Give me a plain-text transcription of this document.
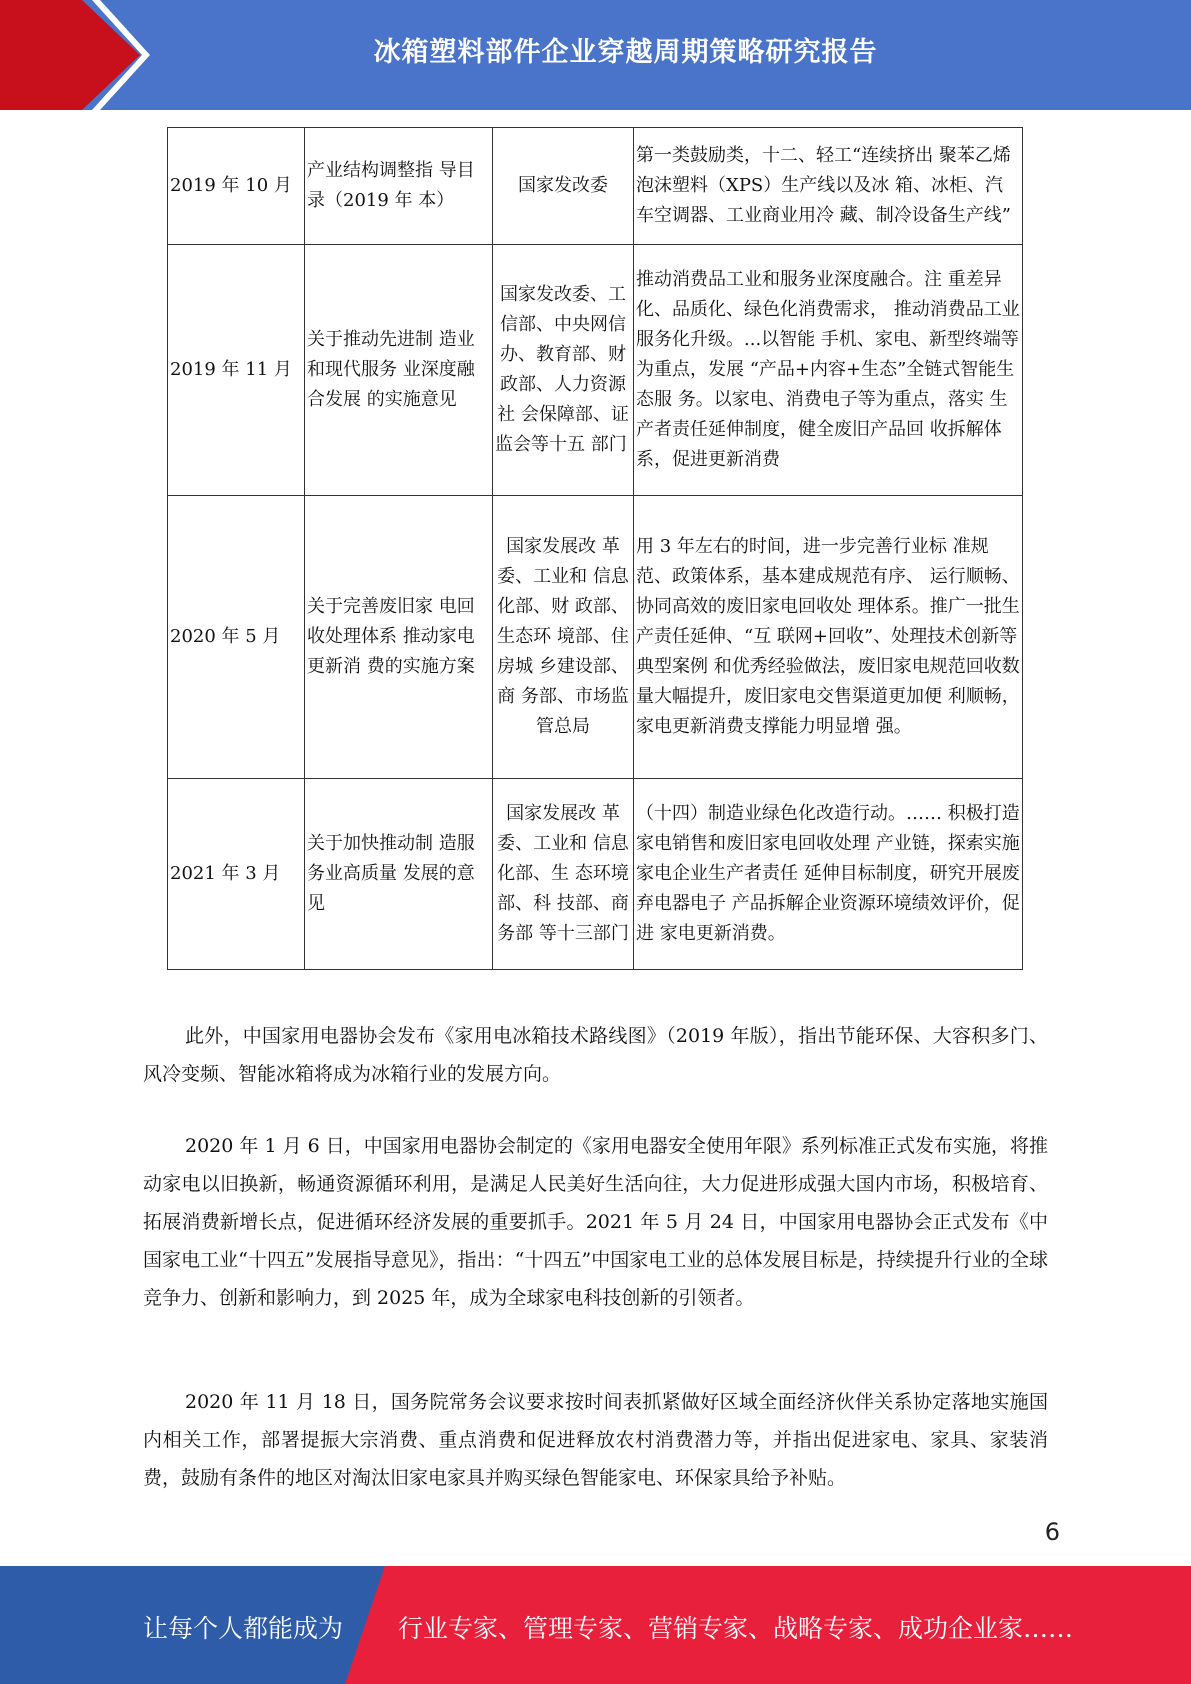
冰箱塑料部件企业穿越周期策略研究报告
2019 年 10 月	产业结构调整指 导目录（2019 年 本）	国家发改委	第一类鼓励类，十二、轻工“连续挤出 聚苯乙烯泡沫塑料（XPS）生产线以及冰 箱、冰柜、汽车空调器、工业商业用冷 藏、制冷设备生产线”
2019 年 11 月	关于推动先进制 造业和现代服务 业深度融合发展 的实施意见	国家发改委、工信部、中央网信办、教育部、财政部、人力资源社 会保障部、证 监会等十五 部门	推动消费品工业和服务业深度融合。注 重差异化、品质化、绿色化消费需求， 推动消费品工业服务化升级。...以智能 手机、家电、新型终端等为重点，发展 “产品+内容+生态”全链式智能生态服 务。以家电、消费电子等为重点，落实 生产者责任延伸制度，健全废旧产品回 收拆解体系，促进更新消费
2020 年 5 月	关于完善废旧家 电回收处理体系 推动家电更新消 费的实施方案	国家发展改 革委、工业和 信息化部、财 政部、生态环 境部、住房城 乡建设部、商 务部、市场监 管总局	用 3 年左右的时间，进一步完善行业标 准规范、政策体系，基本建成规范有序、 运行顺畅、协同高效的废旧家电回收处 理体系。推广一批生产责任延伸、“互 联网+回收”、处理技术创新等典型案例 和优秀经验做法，废旧家电规范回收数 量大幅提升，废旧家电交售渠道更加便 利顺畅，家电更新消费支撑能力明显增 强。
2021 年 3 月	关于加快推动制 造服务业高质量 发展的意见	国家发展改 革委、工业和 信息化部、生 态环境部、科 技部、商务部 等十三部门	（十四）制造业绿色化改造行动。…… 积极打造家电销售和废旧家电回收处理 产业链，探索实施家电企业生产者责任 延伸目标制度，研究开展废弃电器电子 产品拆解企业资源环境绩效评价，促进 家电更新消费。

此外，中国家用电器协会发布《家用电冰箱技术路线图》（2019 年版），指出节能环保、大容积多门、风冷变频、智能冰箱将成为冰箱行业的发展方向。

2020 年 1 月 6 日，中国家用电器协会制定的《家用电器安全使用年限》系列标准正式发布实施，将推动家电以旧换新，畅通资源循环利用，是满足人民美好生活向往，大力促进形成强大国内市场，积极培育、拓展消费新增长点，促进循环经济发展的重要抓手。2021 年 5 月 24 日，中国家用电器协会正式发布《中国家电工业“十四五”发展指导意见》，指出：“十四五”中国家电工业的总体发展目标是，持续提升行业的全球竞争力、创新和影响力，到 2025 年，成为全球家电科技创新的引领者。

2020 年 11 月 18 日，国务院常务会议要求按时间表抓紧做好区域全面经济伙伴关系协定落地实施国内相关工作，部署提振大宗消费、重点消费和促进释放农村消费潜力等，并指出促进家电、家具、家装消费，鼓励有条件的地区对淘汰旧家电家具并购买绿色智能家电、环保家具给予补贴。

6
让每个人都能成为 行业专家、管理专家、营销专家、战略专家、成功企业家……
